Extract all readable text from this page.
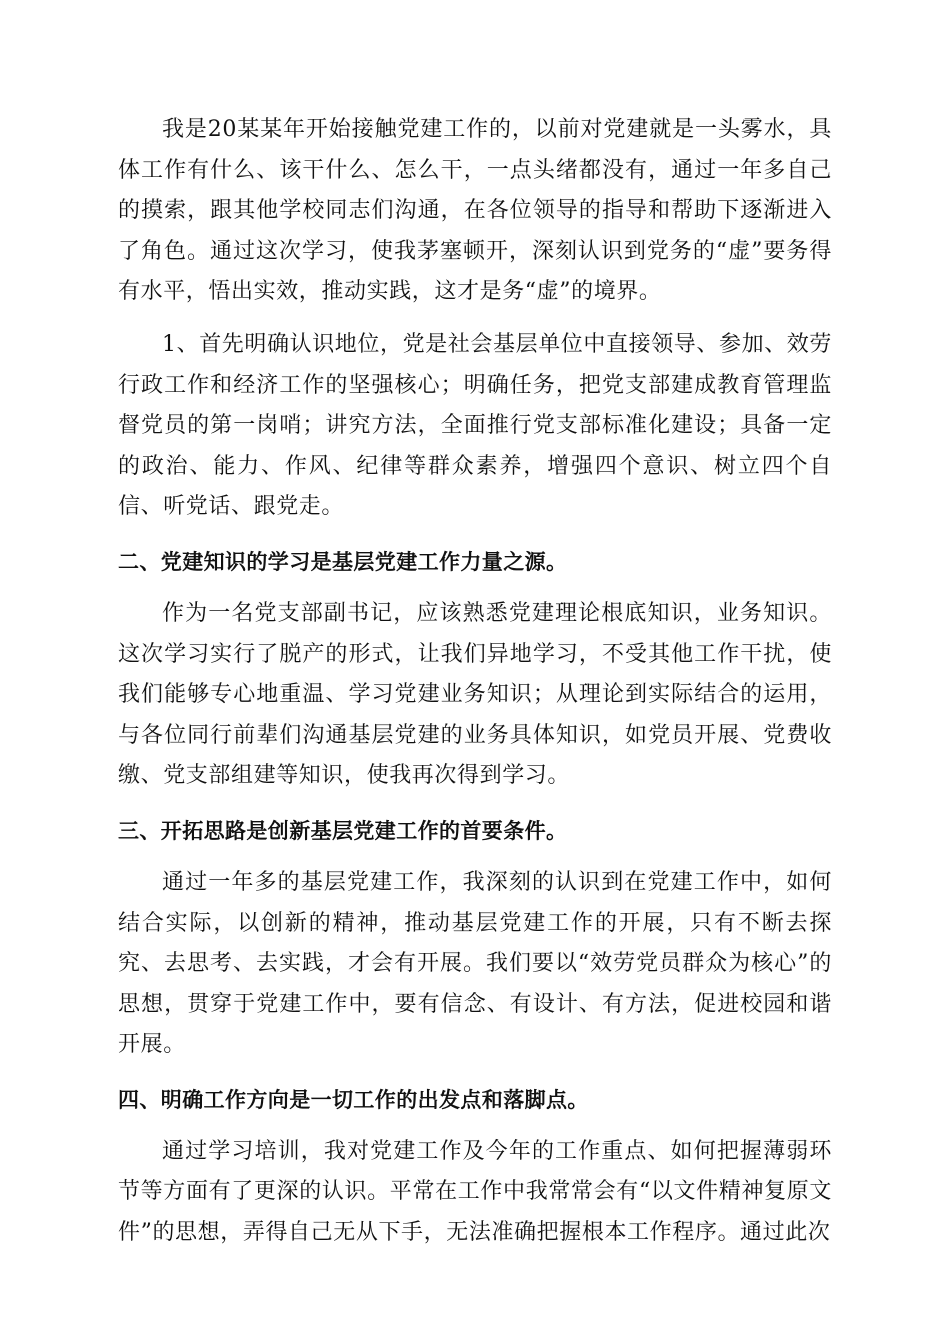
我是20某某年开始接触党建工作的，以前对党建就是一头雾水，具体工作有什么、该干什么、怎么干，一点头绪都没有，通过一年多自己的摸索，跟其他学校同志们沟通，在各位领导的指导和帮助下逐渐进入了角色。通过这次学习，使我茅塞顿开，深刻认识到党务的“虚”要务得有水平，悟出实效，推动实践，这才是务“虚”的境界。

1、首先明确认识地位，党是社会基层单位中直接领导、参加、效劳行政工作和经济工作的坚强核心；明确任务，把党支部建成教育管理监督党员的第一岗哨；讲究方法，全面推行党支部标准化建设；具备一定的政治、能力、作风、纪律等群众素养，增强四个意识、树立四个自信、听党话、跟党走。

二、党建知识的学习是基层党建工作力量之源。

作为一名党支部副书记，应该熟悉党建理论根底知识，业务知识。这次学习实行了脱产的形式，让我们异地学习，不受其他工作干扰，使我们能够专心地重温、学习党建业务知识；从理论到实际结合的运用，与各位同行前辈们沟通基层党建的业务具体知识，如党员开展、党费收缴、党支部组建等知识，使我再次得到学习。

三、开拓思路是创新基层党建工作的首要条件。

通过一年多的基层党建工作，我深刻的认识到在党建工作中，如何结合实际，以创新的精神，推动基层党建工作的开展，只有不断去探究、去思考、去实践，才会有开展。我们要以“效劳党员群众为核心”的思想，贯穿于党建工作中，要有信念、有设计、有方法，促进校园和谐开展。

四、明确工作方向是一切工作的出发点和落脚点。

通过学习培训，我对党建工作及今年的工作重点、如何把握薄弱环节等方面有了更深的认识。平常在工作中我常常会有“以文件精神复原文件”的思想，弄得自己无从下手，无法准确把握根本工作程序。通过此次
